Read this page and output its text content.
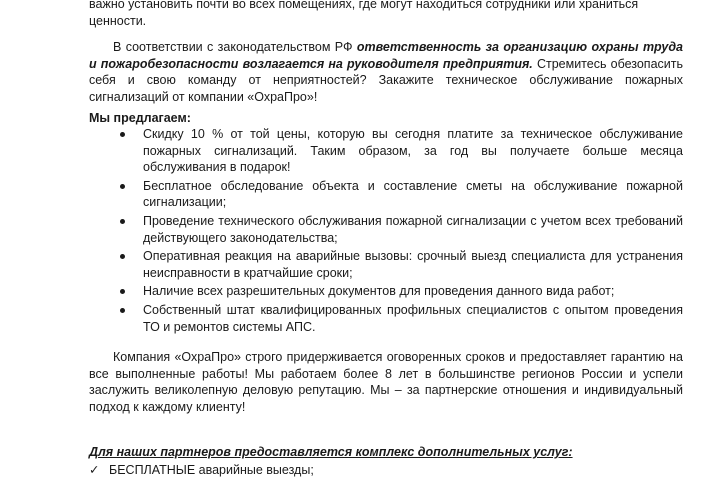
важно установить почти во всех помещениях, где могут находиться сотрудники или храниться
ценности.
В соответствии с законодательством РФ ответственность за организацию охраны труда и пожаробезопасности возлагается на руководителя предприятия. Стремитесь обезопасить себя и свою команду от неприятностей? Закажите техническое обслуживание пожарных сигнализаций от компании «ОхраПро»!
Мы предлагаем:
Скидку 10 % от той цены, которую вы сегодня платите за техническое обслуживание пожарных сигнализаций. Таким образом, за год вы получаете больше месяца обслуживания в подарок!
Бесплатное обследование объекта и составление сметы на обслуживание пожарной сигнализации;
Проведение технического обслуживания пожарной сигнализации с учетом всех требований действующего законодательства;
Оперативная реакция на аварийные вызовы: срочный выезд специалиста для устранения неисправности в кратчайшие сроки;
Наличие всех разрешительных документов для проведения данного вида работ;
Собственный штат квалифицированных профильных специалистов с опытом проведения ТО и ремонтов системы АПС.
Компания «ОхраПро» строго придерживается оговоренных сроков и предоставляет гарантию на все выполненные работы! Мы работаем более 8 лет в большинстве регионов России и успели заслужить великолепную деловую репутацию. Мы – за партнерские отношения и индивидуальный подход к каждому клиенту!
Для наших партнеров предоставляется комплекс дополнительных услуг:
✓ БЕСПЛАТНЫЕ аварийные выезды;
